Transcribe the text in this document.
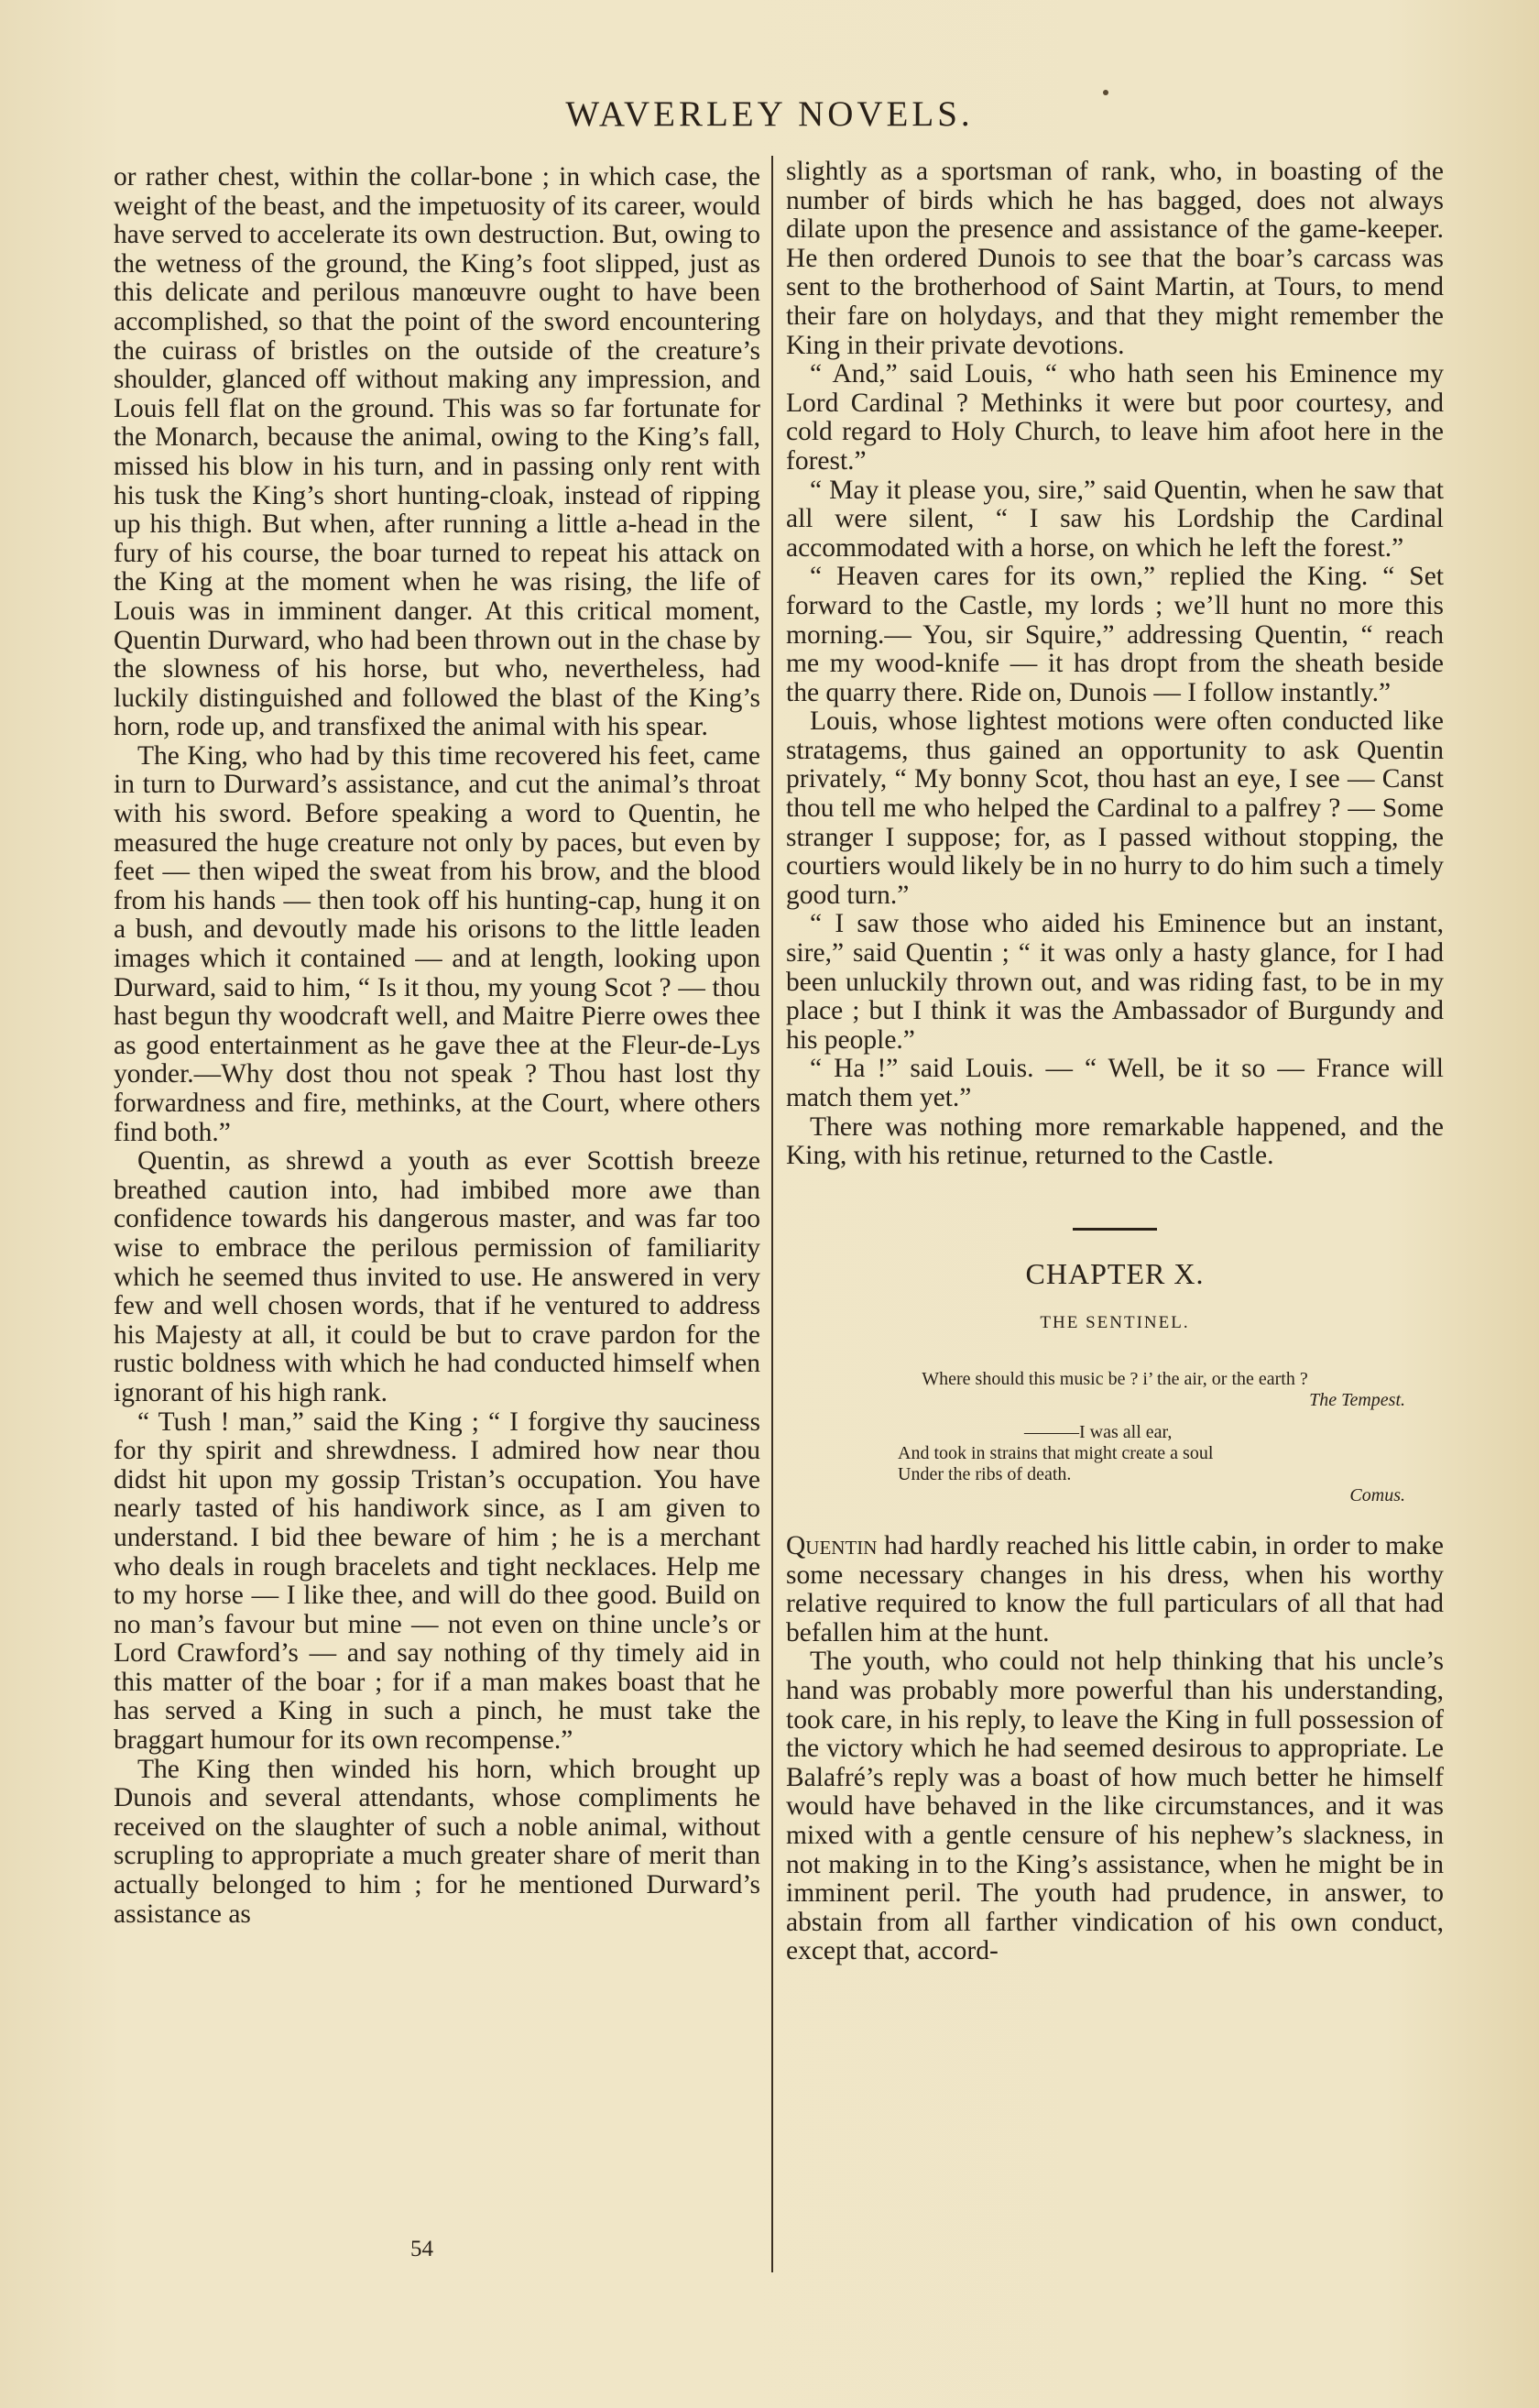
WAVERLEY NOVELS.

or rather chest, within the collar-bone ; in which case, the weight of the beast, and the impetuosity of its career, would have served to accelerate its own destruction. But, owing to the wetness of the ground, the King’s foot slipped, just as this delicate and perilous manœuvre ought to have been accomplished, so that the point of the sword encountering the cuirass of bristles on the outside of the creature’s shoulder, glanced off without making any impression, and Louis fell flat on the ground. This was so far fortunate for the Monarch, because the animal, owing to the King’s fall, missed his blow in his turn, and in passing only rent with his tusk the King’s short hunting-cloak, instead of ripping up his thigh. But when, after running a little a-head in the fury of his course, the boar turned to repeat his attack on the King at the moment when he was rising, the life of Louis was in imminent danger. At this critical moment, Quentin Durward, who had been thrown out in the chase by the slowness of his horse, but who, nevertheless, had luckily distinguished and followed the blast of the King’s horn, rode up, and transfixed the animal with his spear.

The King, who had by this time recovered his feet, came in turn to Durward’s assistance, and cut the animal’s throat with his sword. Before speaking a word to Quentin, he measured the huge creature not only by paces, but even by feet — then wiped the sweat from his brow, and the blood from his hands — then took off his hunting-cap, hung it on a bush, and devoutly made his orisons to the little leaden images which it contained — and at length, looking upon Durward, said to him, “ Is it thou, my young Scot ? — thou hast begun thy woodcraft well, and Maitre Pierre owes thee as good entertainment as he gave thee at the Fleur-de-Lys yonder.—Why dost thou not speak ? Thou hast lost thy forwardness and fire, methinks, at the Court, where others find both.”

Quentin, as shrewd a youth as ever Scottish breeze breathed caution into, had imbibed more awe than confidence towards his dangerous master, and was far too wise to embrace the perilous permission of familiarity which he seemed thus invited to use. He answered in very few and well chosen words, that if he ventured to address his Majesty at all, it could be but to crave pardon for the rustic boldness with which he had conducted himself when ignorant of his high rank.

“ Tush ! man,” said the King ; “ I forgive thy sauciness for thy spirit and shrewdness. I admired how near thou didst hit upon my gossip Tristan’s occupation. You have nearly tasted of his handiwork since, as I am given to understand. I bid thee beware of him ; he is a merchant who deals in rough bracelets and tight necklaces. Help me to my horse — I like thee, and will do thee good. Build on no man’s favour but mine — not even on thine uncle’s or Lord Crawford’s — and say nothing of thy timely aid in this matter of the boar ; for if a man makes boast that he has served a King in such a pinch, he must take the braggart humour for its own recompense.”

The King then winded his horn, which brought up Dunois and several attendants, whose compliments he received on the slaughter of such a noble animal, without scrupling to appropriate a much greater share of merit than actually belonged to him ; for he mentioned Durward’s assistance as

slightly as a sportsman of rank, who, in boasting of the number of birds which he has bagged, does not always dilate upon the presence and assistance of the game-keeper. He then ordered Dunois to see that the boar’s carcass was sent to the brotherhood of Saint Martin, at Tours, to mend their fare on holydays, and that they might remember the King in their private devotions.

“ And,” said Louis, “ who hath seen his Eminence my Lord Cardinal ? Methinks it were but poor courtesy, and cold regard to Holy Church, to leave him afoot here in the forest.”

“ May it please you, sire,” said Quentin, when he saw that all were silent, “ I saw his Lordship the Cardinal accommodated with a horse, on which he left the forest.”

“ Heaven cares for its own,” replied the King. “ Set forward to the Castle, my lords ; we’ll hunt no more this morning.— You, sir Squire,” addressing Quentin, “ reach me my wood-knife — it has dropt from the sheath beside the quarry there. Ride on, Dunois — I follow instantly.”

Louis, whose lightest motions were often conducted like stratagems, thus gained an opportunity to ask Quentin privately, “ My bonny Scot, thou hast an eye, I see — Canst thou tell me who helped the Cardinal to a palfrey ? — Some stranger I suppose; for, as I passed without stopping, the courtiers would likely be in no hurry to do him such a timely good turn.”

“ I saw those who aided his Eminence but an instant, sire,” said Quentin ; “ it was only a hasty glance, for I had been unluckily thrown out, and was riding fast, to be in my place ; but I think it was the Ambassador of Burgundy and his people.”

“ Ha !” said Louis. — “ Well, be it so — France will match them yet.”

There was nothing more remarkable happened, and the King, with his retinue, returned to the Castle.

CHAPTER X.
THE SENTINEL.
Where should this music be ? i’ the air, or the earth ?
The Tempest.
———I was all ear,
And took in strains that might create a soul
Under the ribs of death.
Comus.

Quentin had hardly reached his little cabin, in order to make some necessary changes in his dress, when his worthy relative required to know the full particulars of all that had befallen him at the hunt.

The youth, who could not help thinking that his uncle’s hand was probably more powerful than his understanding, took care, in his reply, to leave the King in full possession of the victory which he had seemed desirous to appropriate. Le Balafré’s reply was a boast of how much better he himself would have behaved in the like circumstances, and it was mixed with a gentle censure of his nephew’s slackness, in not making in to the King’s assistance, when he might be in imminent peril. The youth had prudence, in answer, to abstain from all farther vindication of his own conduct, except that, accord-

54
